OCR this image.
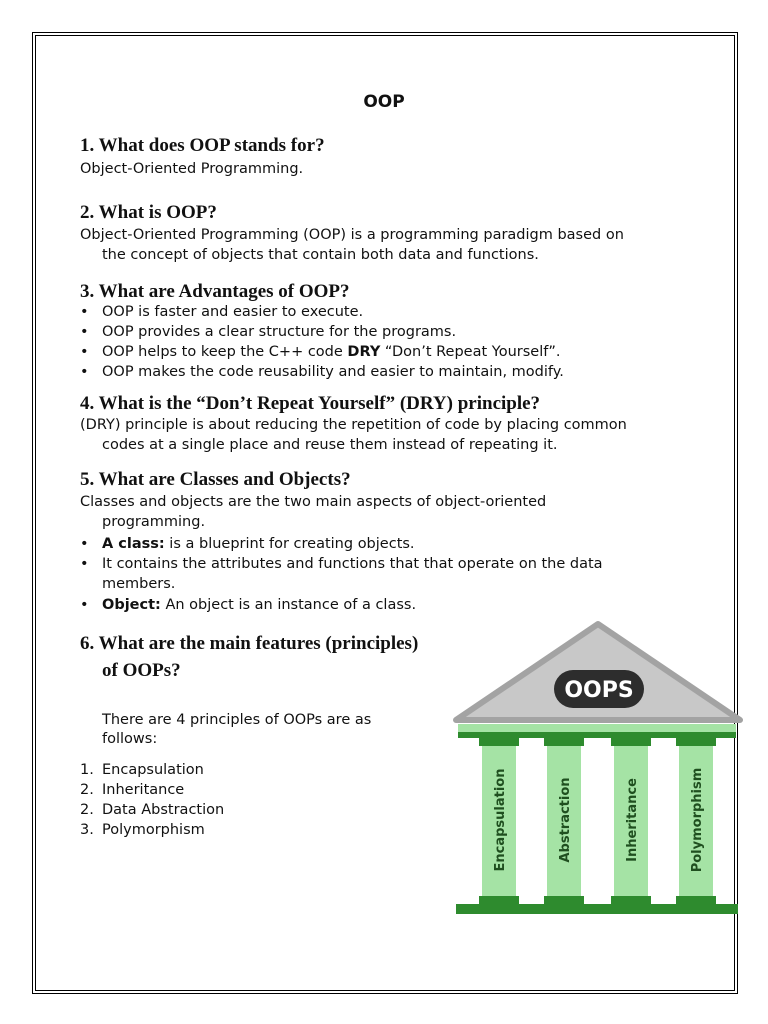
OOP
1. What does OOP stands for?
Object-Oriented Programming.
2. What is OOP?
Object-Oriented Programming (OOP) is a programming paradigm based on
the concept of objects that contain both data and functions.
3. What are Advantages of OOP?
• OOP is faster and easier to execute.
• OOP provides a clear structure for the programs.
• OOP helps to keep the C++ code DRY “Don’t Repeat Yourself”.
• OOP makes the code reusability and easier to maintain, modify.
4. What is the “Don’t Repeat Yourself” (DRY) principle?
(DRY) principle is about reducing the repetition of code by placing common
codes at a single place and reuse them instead of repeating it.
5. What are Classes and Objects?
Classes and objects are the two main aspects of object-oriented
programming.
• A class: is a blueprint for creating objects.
• It contains the attributes and functions that that operate on the data
members.
• Object: An object is an instance of a class.
6. What are the main features (principles)
of OOPs?
There are 4 principles of OOPs are as
follows:
1. Encapsulation
2. Inheritance
2. Data Abstraction
3. Polymorphism
OOPS
Encapsulation	Abstraction	Inheritance	Polymorphism
